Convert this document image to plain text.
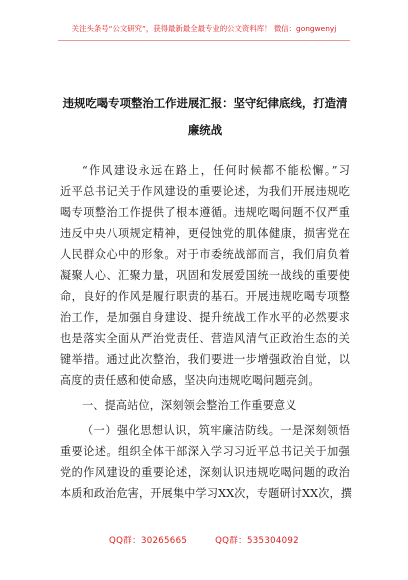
关注头条号“公文研究”，获得最新最全最专业的公文资料库！ 微信：gongwenyj
违规吃喝专项整治工作进展汇报：坚守纪律底线，打造清
廉统战
“作风建设永远在路上，任何时候都不能松懈。”习
近平总书记关于作风建设的重要论述，为我们开展违规吃
喝专项整治工作提供了根本遵循。违规吃喝问题不仅严重
违反中央八项规定精神，更侵蚀党的肌体健康，损害党在
人民群众心中的形象。对于市委统战部而言，我们肩负着
凝聚人心、汇聚力量，巩固和发展爱国统一战线的重要使
命，良好的作风是履行职责的基石。开展违规吃喝专项整
治工作，是加强自身建设、提升统战工作水平的必然要求
也是落实全面从严治党责任、营造风清气正政治生态的关
键举措。通过此次整治，我们要进一步增强政治自觉，以
高度的责任感和使命感，坚决向违规吃喝问题亮剑。
一、提高站位，深刻领会整治工作重要意义
（一）强化思想认识，筑牢廉洁防线。一是深刻领悟
重要论述。组织全体干部深入学习习近平总书记关于加强
党的作风建设的重要论述，深刻认识违规吃喝问题的政治
本质和政治危害，开展集中学习XX次，专题研讨XX次，撰
QQ群：30265665	QQ群：535304092
